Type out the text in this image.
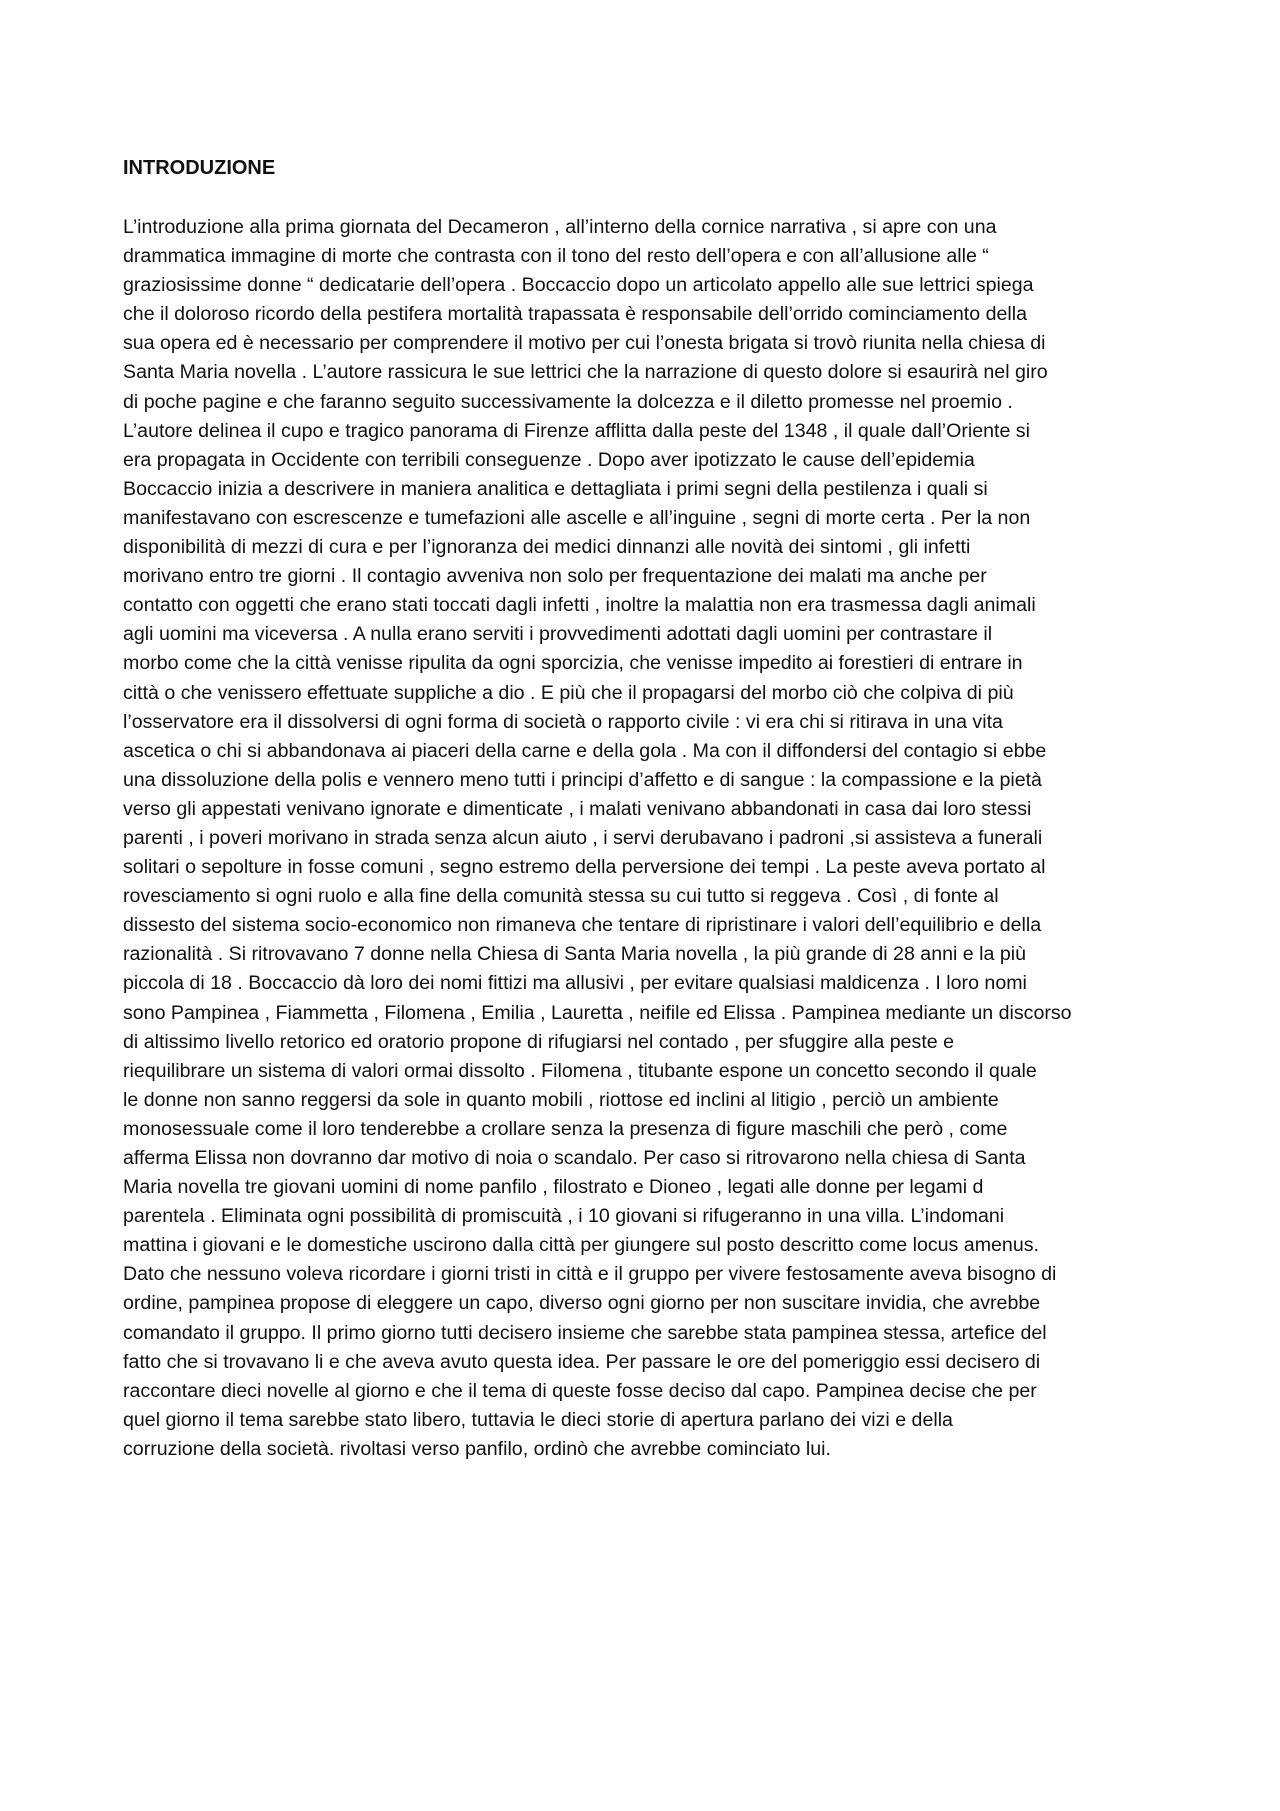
INTRODUZIONE
L’introduzione alla prima giornata del Decameron , all’interno della cornice narrativa , si apre con una
drammatica immagine di morte che contrasta con il tono del resto dell’opera e con all’allusione alle “
graziosissime donne “ dedicatarie dell’opera . Boccaccio dopo un articolato appello alle sue lettrici spiega
che il doloroso ricordo della pestifera mortalità trapassata è responsabile dell’orrido cominciamento della
sua opera ed è necessario per comprendere il motivo per cui l’onesta brigata si trovò riunita nella chiesa di
Santa Maria novella . L’autore rassicura le sue lettrici che la narrazione di questo dolore si esaurirà nel giro
di poche pagine e che faranno seguito successivamente la dolcezza e il diletto promesse nel proemio .
L’autore delinea il cupo e tragico panorama di Firenze afflitta dalla peste del 1348 , il quale dall’Oriente si
era propagata in Occidente con terribili conseguenze . Dopo aver ipotizzato le cause dell’epidemia
Boccaccio inizia a descrivere in maniera analitica e dettagliata i primi segni della pestilenza i quali si
manifestavano con escrescenze e tumefazioni alle ascelle e all’inguine , segni di morte certa . Per la non
disponibilità di mezzi di cura e per l’ignoranza dei medici dinnanzi alle novità dei sintomi , gli infetti
morivano entro tre giorni . Il contagio avveniva non solo per frequentazione dei malati ma anche per
contatto con oggetti che erano stati toccati dagli infetti , inoltre la malattia non era trasmessa dagli animali
agli uomini ma viceversa . A nulla erano serviti i provvedimenti adottati dagli uomini per contrastare il
morbo come che la città venisse ripulita da ogni sporcizia, che venisse impedito ai forestieri di entrare in
città o che venissero effettuate suppliche a dio . E più che il propagarsi del morbo ciò che colpiva di più
l’osservatore era il dissolversi di ogni forma di società o rapporto civile : vi era chi si ritirava in una vita
ascetica o chi si abbandonava ai piaceri della carne e della gola . Ma con il diffondersi del contagio si ebbe
una dissoluzione della polis e vennero meno tutti i principi d’affetto e di sangue : la compassione e la pietà
verso gli appestati venivano ignorate e dimenticate , i malati venivano abbandonati in casa dai loro stessi
parenti , i poveri morivano in strada senza alcun aiuto , i servi derubavano i padroni ,si assisteva a funerali
solitari o sepolture in fosse comuni , segno estremo della perversione dei tempi . La peste aveva portato al
rovesciamento si ogni ruolo e alla fine della comunità stessa su cui tutto si reggeva . Così , di fonte al
dissesto del sistema socio-economico non rimaneva che tentare di ripristinare i valori dell’equilibrio e della
razionalità . Si ritrovavano 7 donne nella Chiesa di Santa Maria novella , la più grande di 28 anni e la più
piccola di 18 . Boccaccio dà loro dei nomi fittizi ma allusivi , per evitare qualsiasi maldicenza . I loro nomi
sono Pampinea , Fiammetta , Filomena , Emilia , Lauretta , neifile ed Elissa . Pampinea mediante un discorso
di altissimo livello retorico ed oratorio propone di rifugiarsi nel contado , per sfuggire alla peste e
riequilibrare un sistema di valori ormai dissolto . Filomena , titubante espone un concetto secondo il quale
le donne non sanno reggersi da sole in quanto mobili , riottose ed inclini al litigio , perciò un ambiente
monosessuale come il loro tenderebbe a crollare senza la presenza di figure maschili che però , come
afferma Elissa non dovranno dar motivo di noia o scandalo. Per caso si ritrovarono nella chiesa di Santa
Maria novella tre giovani uomini di nome panfilo , filostrato e Dioneo , legati alle donne per legami d
parentela . Eliminata ogni possibilità di promiscuità , i 10 giovani si rifugeranno in una villa. L’indomani
mattina i giovani e le domestiche uscirono dalla città per giungere sul posto descritto come locus amenus.
Dato che nessuno voleva ricordare i giorni tristi in città e il gruppo per vivere festosamente aveva bisogno di
ordine, pampinea propose di eleggere un capo, diverso ogni giorno per non suscitare invidia, che avrebbe
comandato il gruppo. Il primo giorno tutti decisero insieme che sarebbe stata pampinea stessa, artefice del
fatto che si trovavano li e che aveva avuto questa idea. Per passare le ore del pomeriggio essi decisero di
raccontare dieci novelle al giorno e che il tema di queste fosse deciso dal capo. Pampinea decise che per
quel giorno il tema sarebbe stato libero, tuttavia le dieci storie di apertura parlano dei vizi e della
corruzione della società. rivoltasi verso panfilo, ordinò che avrebbe cominciato lui.
